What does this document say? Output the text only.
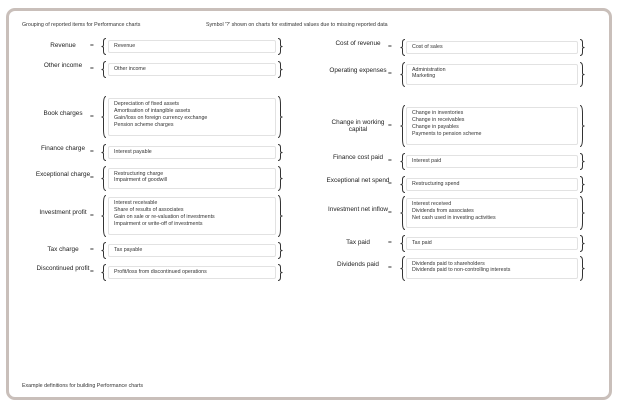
Grouping of reported items for Performance charts	Symbol '?' shown on charts for estimated values due to missing reported data
Example definitions for building Performance charts
Revenue	=	Revenue
Other income	=	Other income
Book charges	=
Depreciation of fixed assets
Amortisation of intangible assets
Gain/loss on foreign currency exchange
Pension scheme charges
Finance charge =	Interest payable
Exceptional charge =
Restructuring charge
Impairment of goodwill
Investment profit =
Interest receivable
Share of results of associates
Gain on sale or re-valuation of investments
Impairment or write-off of investments
Tax charge	=	Tax payable
Discontinued profit =	Profit/loss from discontinued operations
Cost of revenue	=	Cost of sales
Operating expenses =
Administration
Marketing
Change in working capital
=
Change in inventories
Change in receivables
Change in payables
Payments to pension scheme
Finance cost paid =	Interest paid
Exceptional net spend
=	Restructuring spend
Investment net inflow =
Interest received
Dividends from associates
Net cash used in investing activities
Tax paid	=	Tax paid
Dividends paid	=
Dividends paid to shareholders
Dividends paid to non-controlling interests
